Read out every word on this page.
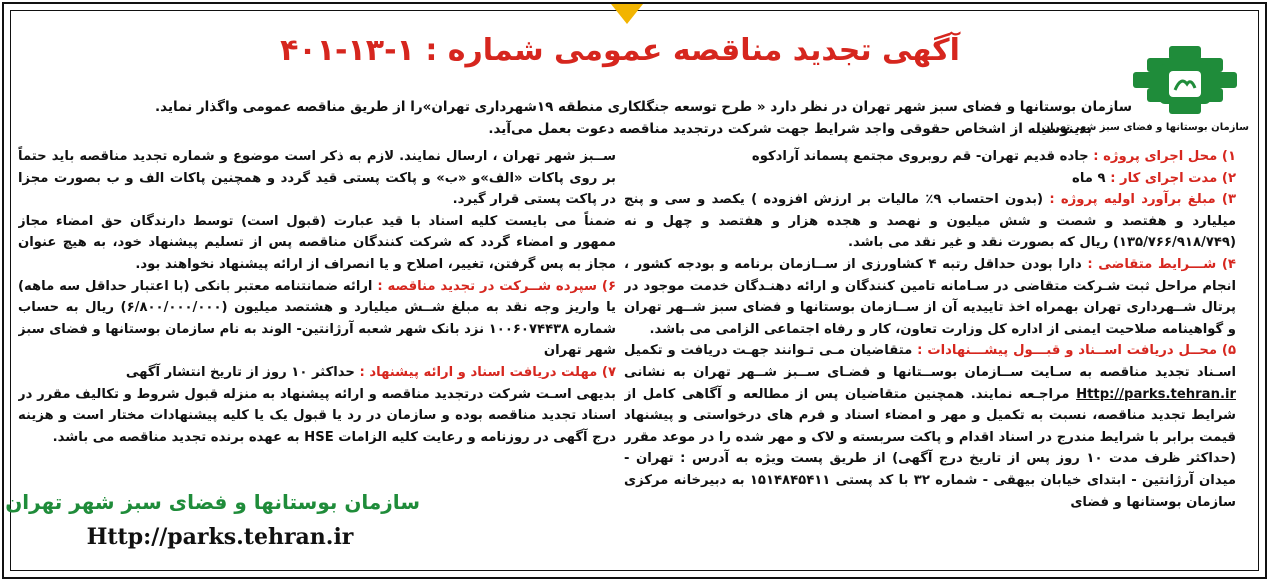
آگهی تجدید مناقصه عمومی شماره : ۱-۱۳-۴۰۱
سازمان بوستانها و فضای سبز شهر تهران
سازمان بوستانها و فضای سبز شهر تهران در نظر دارد « طرح توسعه جنگلکاری منطقه ۱۹شهرداری تهران»را از طریق مناقصه عمومی واگذار نماید.
بدینوسیله از اشخاص حقوقی واجد شرایط جهت شرکت درتجدید مناقصه دعوت بعمل می‌آید.

۱) محل اجرای پروژه : جاده قدیم تهران- قم روبروی مجتمع پسماند آرادکوه

۲) مدت اجرای کار : ۹ ماه

۳) مبلغ برآورد اولیه پروژه : (بدون احتساب ۹٪ مالیات بر ارزش افزوده ) یکصد و سی و پنج میلیارد و هفتصد و شصت و شش میلیون و نهصد و هجده هزار و هفتصد و چهل و نه (۱۳۵/۷۶۶/۹۱۸/۷۴۹) ریال که بصورت نقد و غیر نقد می باشد.

۴) شـــرایط متقاضی : دارا بودن حداقل رتبه ۴ کشاورزی از ســازمان برنامه و بودجه کشور ، انجام مراحل ثبت شـرکت متقاضی در سـامانه تامین کنندگان و ارائه دهنـدگان خدمت موجود در پرتال شــهرداری تهران بهمراه اخذ تاییدیه آن از ســازمان بوستانها و فضای سبز شــهر تهران و گواهینامه صلاحیت ایمنی از اداره کل وزارت تعاون، کار و رفاه اجتماعی الزامی می باشد.

۵) محــل دریافت اســناد و قبـــول پیشـــنهادات : متقاضیان مـی تـوانند جهـت دریافت و تکمیل اسـناد تجدید مناقصه به سـایت ســازمان بوســتانها و فضـای ســبز شــهر تهران به نشانی Http://parks.tehran.ir مراجـعه نمایند. همچنین متقاضیان پس از مطالعه و آگاهی کامل از شرایط تجدید مناقصه، نسبت به تکمیل و مهر و امضاء اسناد و فرم های درخواستی و پیشنهاد قیمت برابر با شرایط مندرج در اسناد اقدام و پاکت سربسته و لاک و مهر شده را در موعد مقرر (حداکثر ظرف مدت ۱۰ روز پس از تاریخ درج آگهی) از طریق پست ویژه به آدرس : تهران - میدان آرژانتین - ابتدای خیابان بیهقی - شماره ۳۲ با کد پستی ۱۵۱۴۸۴۵۴۱۱ به دبیرخانه مرکزی سازمان بوستانها و فضای

ســبز شهر تهران ، ارسال نمایند. لازم به ذکر است موضوع و شماره تجدید مناقصه باید حتماً بر روی پاکات «الف»و «ب» و پاکت پستی قید گردد و همچنین پاکات الف و ب بصورت مجزا در پاکت پستی قرار گیرد.

ضمناً می بایست کلیه اسناد با قید عبارت (قبول است) توسط دارندگان حق امضاء مجاز ممهور و امضاء گردد که شرکت کنندگان مناقصه پس از تسلیم پیشنهاد خود، به هیچ عنوان مجاز به پس گرفتن، تغییر، اصلاح و یا انصراف از ارائه پیشنهاد نخواهند بود.

۶) سپرده شــرکت در تجدید مناقصه : ارائه ضمانتنامه معتبر بانکی (با اعتبار حداقل سه ماهه) یا واریز وجه نقد به مبلغ شــش میلیارد و هشتصد میلیون (۶/۸۰۰/۰۰۰/۰۰۰) ریال به حساب شماره ۱۰۰۶۰۷۴۴۳۸ نزد بانک شهر شعبه آرژانتین- الوند به نام سازمان بوستانها و فضای سبز شهر تهران

۷) مهلت دریافت اسناد و ارائه پیشنهاد : حداکثر ۱۰ روز از تاریخ انتشار آگهی

بدیهی اسـت شرکت درتجدید مناقصه و ارائه پیشنهاد به منزله قبول شروط و تکالیف مقرر در اسناد تجدید مناقصه بوده و سازمان در رد یا قبول یک یا کلیه پیشنهادات مختار است و هزینه درج آگهی در روزنامه و رعایت کلیه الزامات HSE به عهده برنده تجدید مناقصه می باشد.

سازمان بوستانها و فضای سبز شهر تهران
Http://parks.tehran.ir
